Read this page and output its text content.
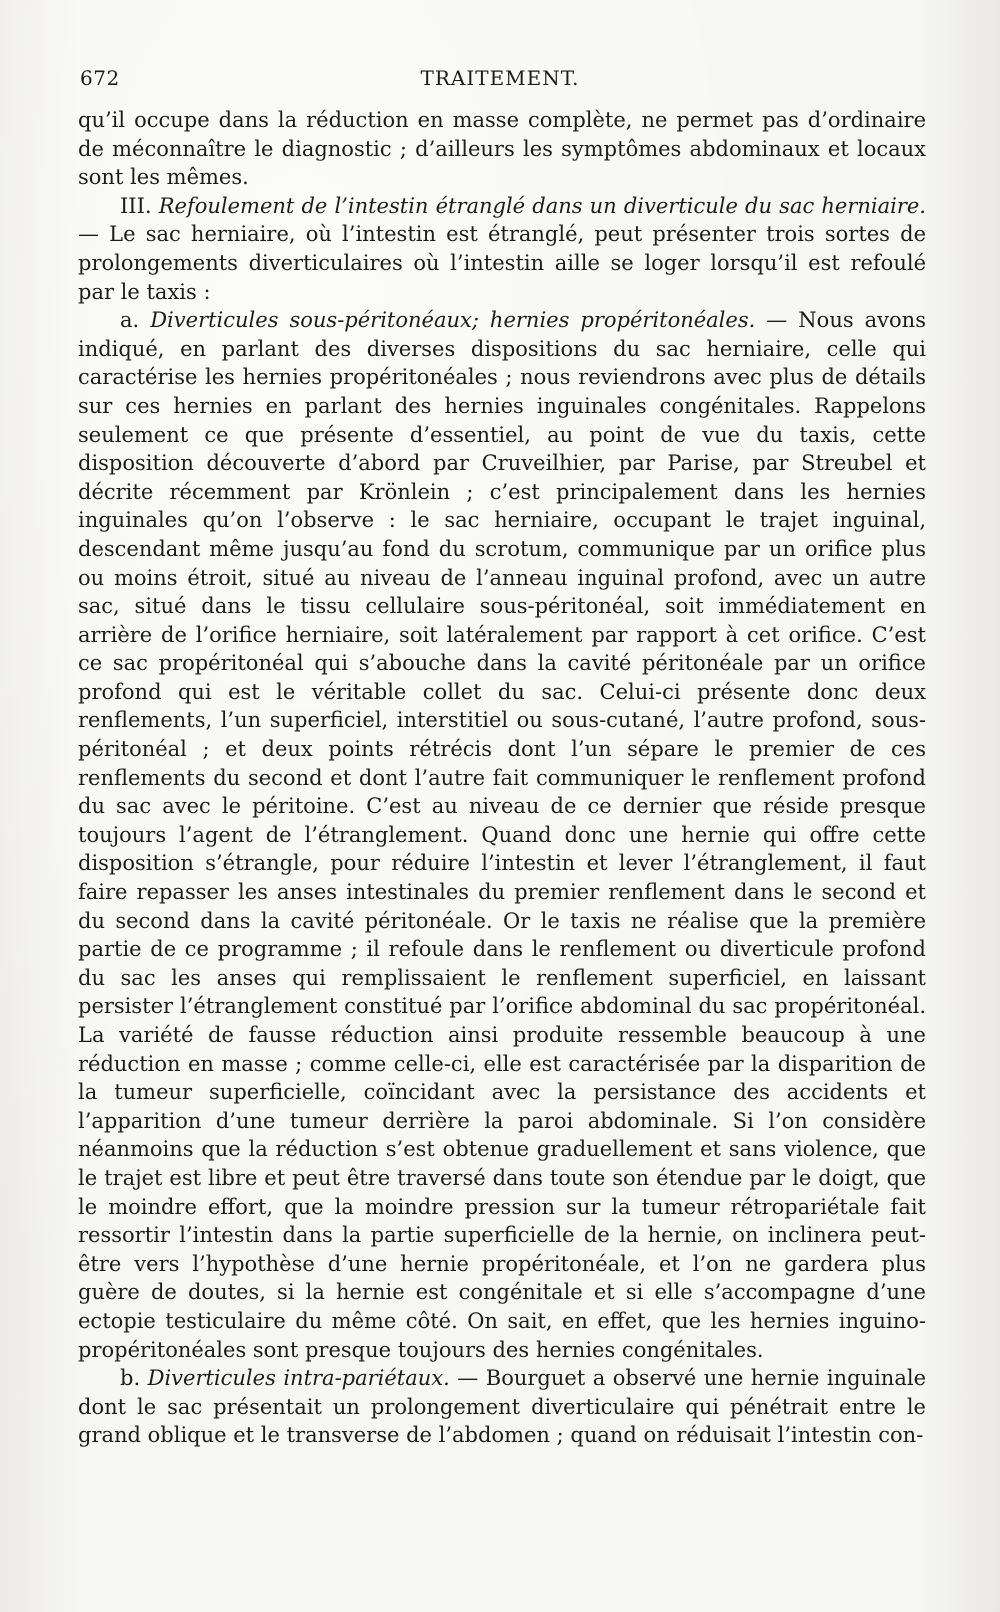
672	TRAITEMENT.

qu’il occupe dans la réduction en masse complète, ne permet pas d’ordinaire de méconnaître le diagnostic ; d’ailleurs les symptômes abdominaux et locaux sont les mêmes.

III. Refoulement de l’intestin étranglé dans un diverticule du sac herniaire. — Le sac herniaire, où l’intestin est étranglé, peut présenter trois sortes de prolongements diverticulaires où l’intestin aille se loger lorsqu’il est refoulé par le taxis :

a. Diverticules sous-péritonéaux; hernies propéritonéales. — Nous avons indiqué, en parlant des diverses dispositions du sac herniaire, celle qui caractérise les hernies propéritonéales ; nous reviendrons avec plus de détails sur ces hernies en parlant des hernies inguinales congénitales. Rappelons seulement ce que présente d’essentiel, au point de vue du taxis, cette disposition découverte d’abord par Cruveilhier, par Parise, par Streubel et décrite récemment par Krönlein ; c’est principalement dans les hernies inguinales qu’on l’observe : le sac herniaire, occupant le trajet inguinal, descendant même jusqu’au fond du scrotum, communique par un orifice plus ou moins étroit, situé au niveau de l’anneau inguinal profond, avec un autre sac, situé dans le tissu cellulaire sous-péritonéal, soit immédiatement en arrière de l’orifice herniaire, soit latéralement par rapport à cet orifice. C’est ce sac propéritonéal qui s’abouche dans la cavité péritonéale par un orifice profond qui est le véritable collet du sac. Celui-ci présente donc deux renflements, l’un superficiel, interstitiel ou sous-cutané, l’autre profond, sous-péritonéal ; et deux points rétrécis dont l’un sépare le premier de ces renflements du second et dont l’autre fait communiquer le renflement profond du sac avec le péritoine. C’est au niveau de ce dernier que réside presque toujours l’agent de l’étranglement. Quand donc une hernie qui offre cette disposition s’étrangle, pour réduire l’intestin et lever l’étranglement, il faut faire repasser les anses intestinales du premier renflement dans le second et du second dans la cavité péritonéale. Or le taxis ne réalise que la première partie de ce programme ; il refoule dans le renflement ou diverticule profond du sac les anses qui remplissaient le renflement superficiel, en laissant persister l’étranglement constitué par l’orifice abdominal du sac propéritonéal. La variété de fausse réduction ainsi produite ressemble beaucoup à une réduction en masse ; comme celle-ci, elle est caractérisée par la disparition de la tumeur superficielle, coïncidant avec la persistance des accidents et l’apparition d’une tumeur derrière la paroi abdominale. Si l’on considère néanmoins que la réduction s’est obtenue graduellement et sans violence, que le trajet est libre et peut être traversé dans toute son étendue par le doigt, que le moindre effort, que la moindre pression sur la tumeur rétropariétale fait ressortir l’intestin dans la partie superficielle de la hernie, on inclinera peut-être vers l’hypothèse d’une hernie propéritonéale, et l’on ne gardera plus guère de doutes, si la hernie est congénitale et si elle s’accompagne d’une ectopie testiculaire du même côté. On sait, en effet, que les hernies inguino-propéritonéales sont presque toujours des hernies congénitales.

b. Diverticules intra-pariétaux. — Bourguet a observé une hernie inguinale dont le sac présentait un prolongement diverticulaire qui pénétrait entre le grand oblique et le transverse de l’abdomen ; quand on réduisait l’intestin con-
